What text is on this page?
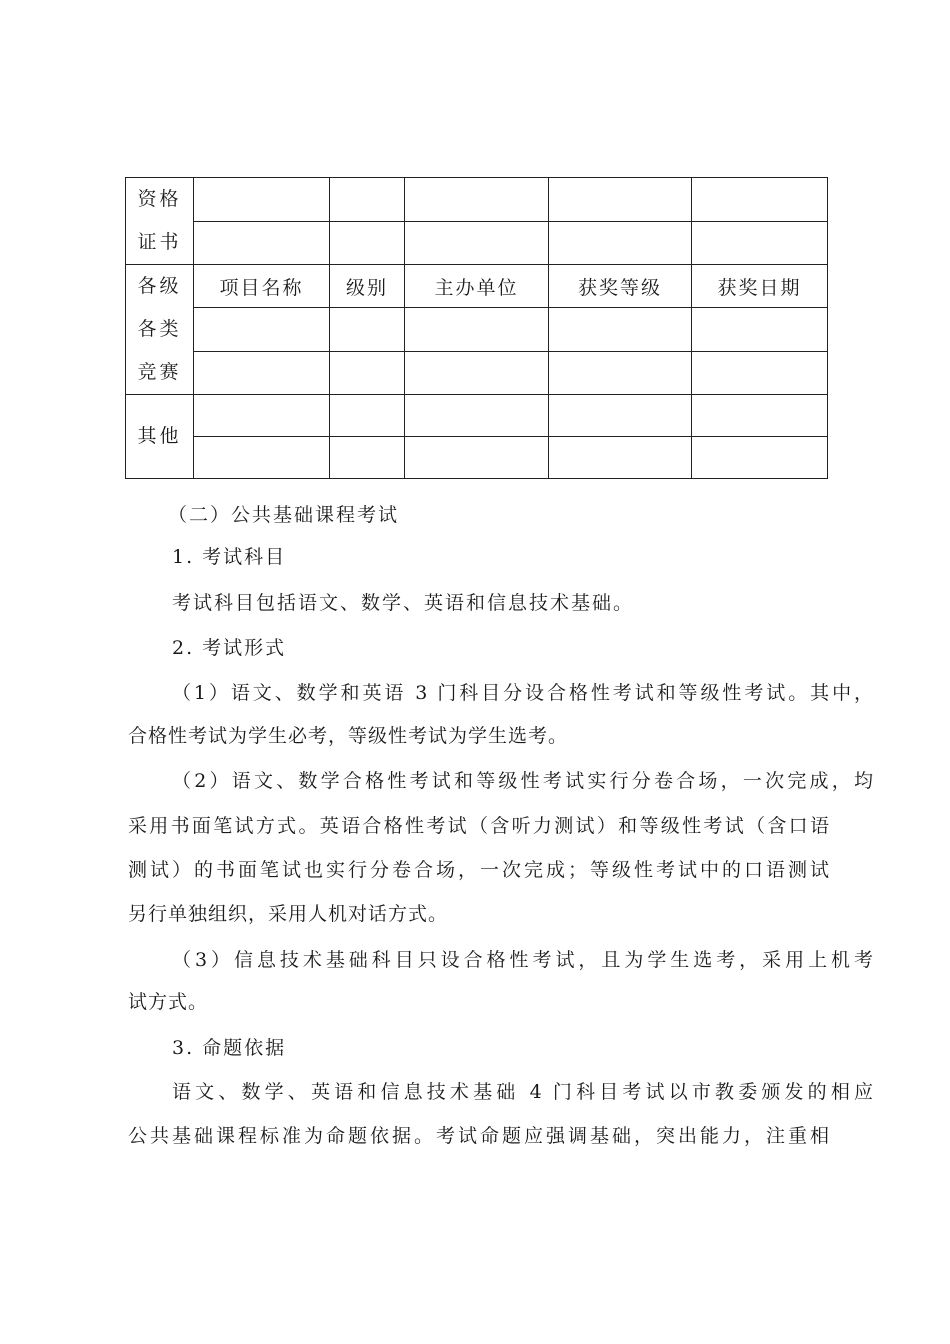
资格
证书					

各级
各类
竞赛	项目名称	级别	主办单位	获奖等级	获奖日期

其他					

（二）公共基础课程考试

1. 考试科目

考试科目包括语文、数学、英语和信息技术基础。

2. 考试形式

（1）语文、数学和英语 3 门科目分设合格性考试和等级性考试。其中，

合格性考试为学生必考，等级性考试为学生选考。

（2）语文、数学合格性考试和等级性考试实行分卷合场，一次完成，均

采用书面笔试方式。英语合格性考试（含听力测试）和等级性考试（含口语

测试）的书面笔试也实行分卷合场，一次完成；等级性考试中的口语测试

另行单独组织，采用人机对话方式。

（3）信息技术基础科目只设合格性考试，且为学生选考，采用上机考

试方式。

3. 命题依据

语文、数学、英语和信息技术基础 4 门科目考试以市教委颁发的相应

公共基础课程标准为命题依据。考试命题应强调基础，突出能力，注重相
